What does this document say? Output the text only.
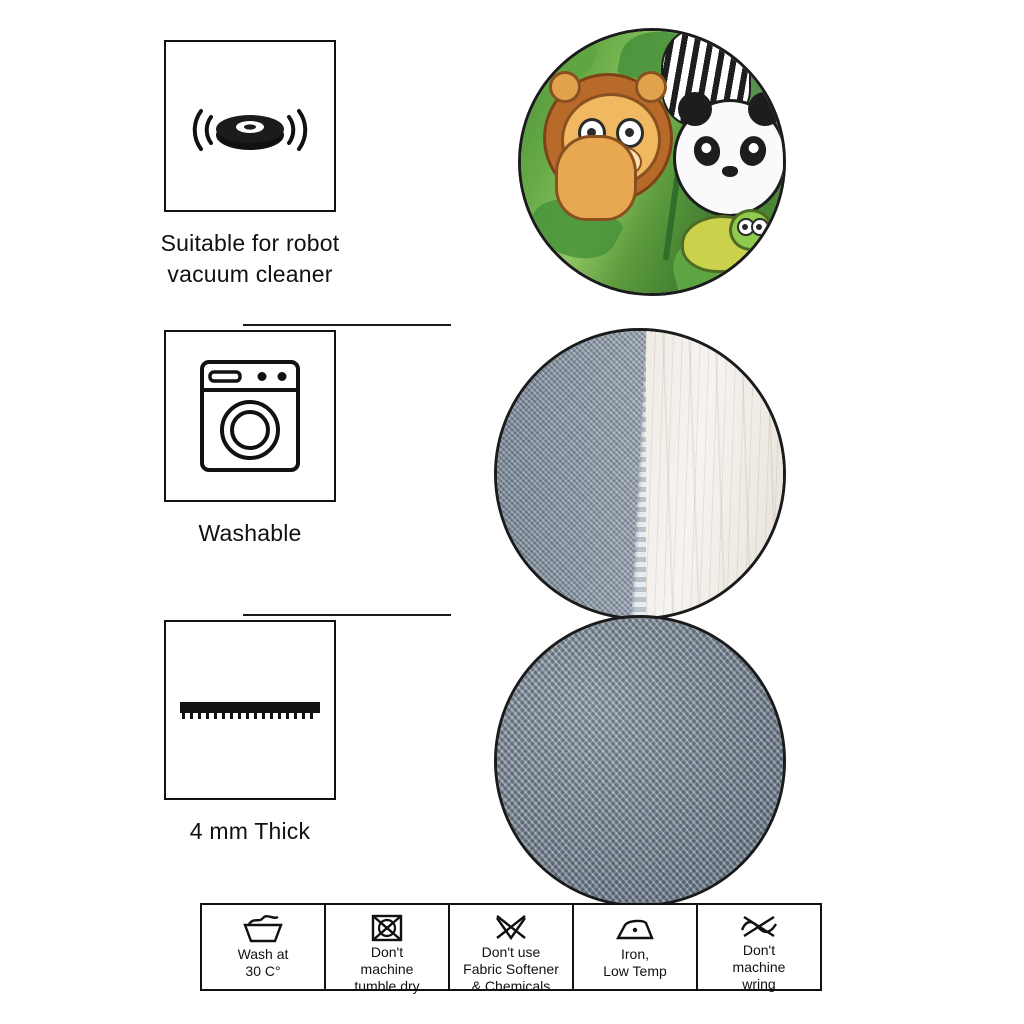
Suitable for robot
vacuum cleaner
Washable
4 mm Thick
Wash at
30 C°
Don't
machine
tumble dry
Don't use
Fabric Softener
& Chemicals
Iron,
Low Temp
Don't
machine
wring
